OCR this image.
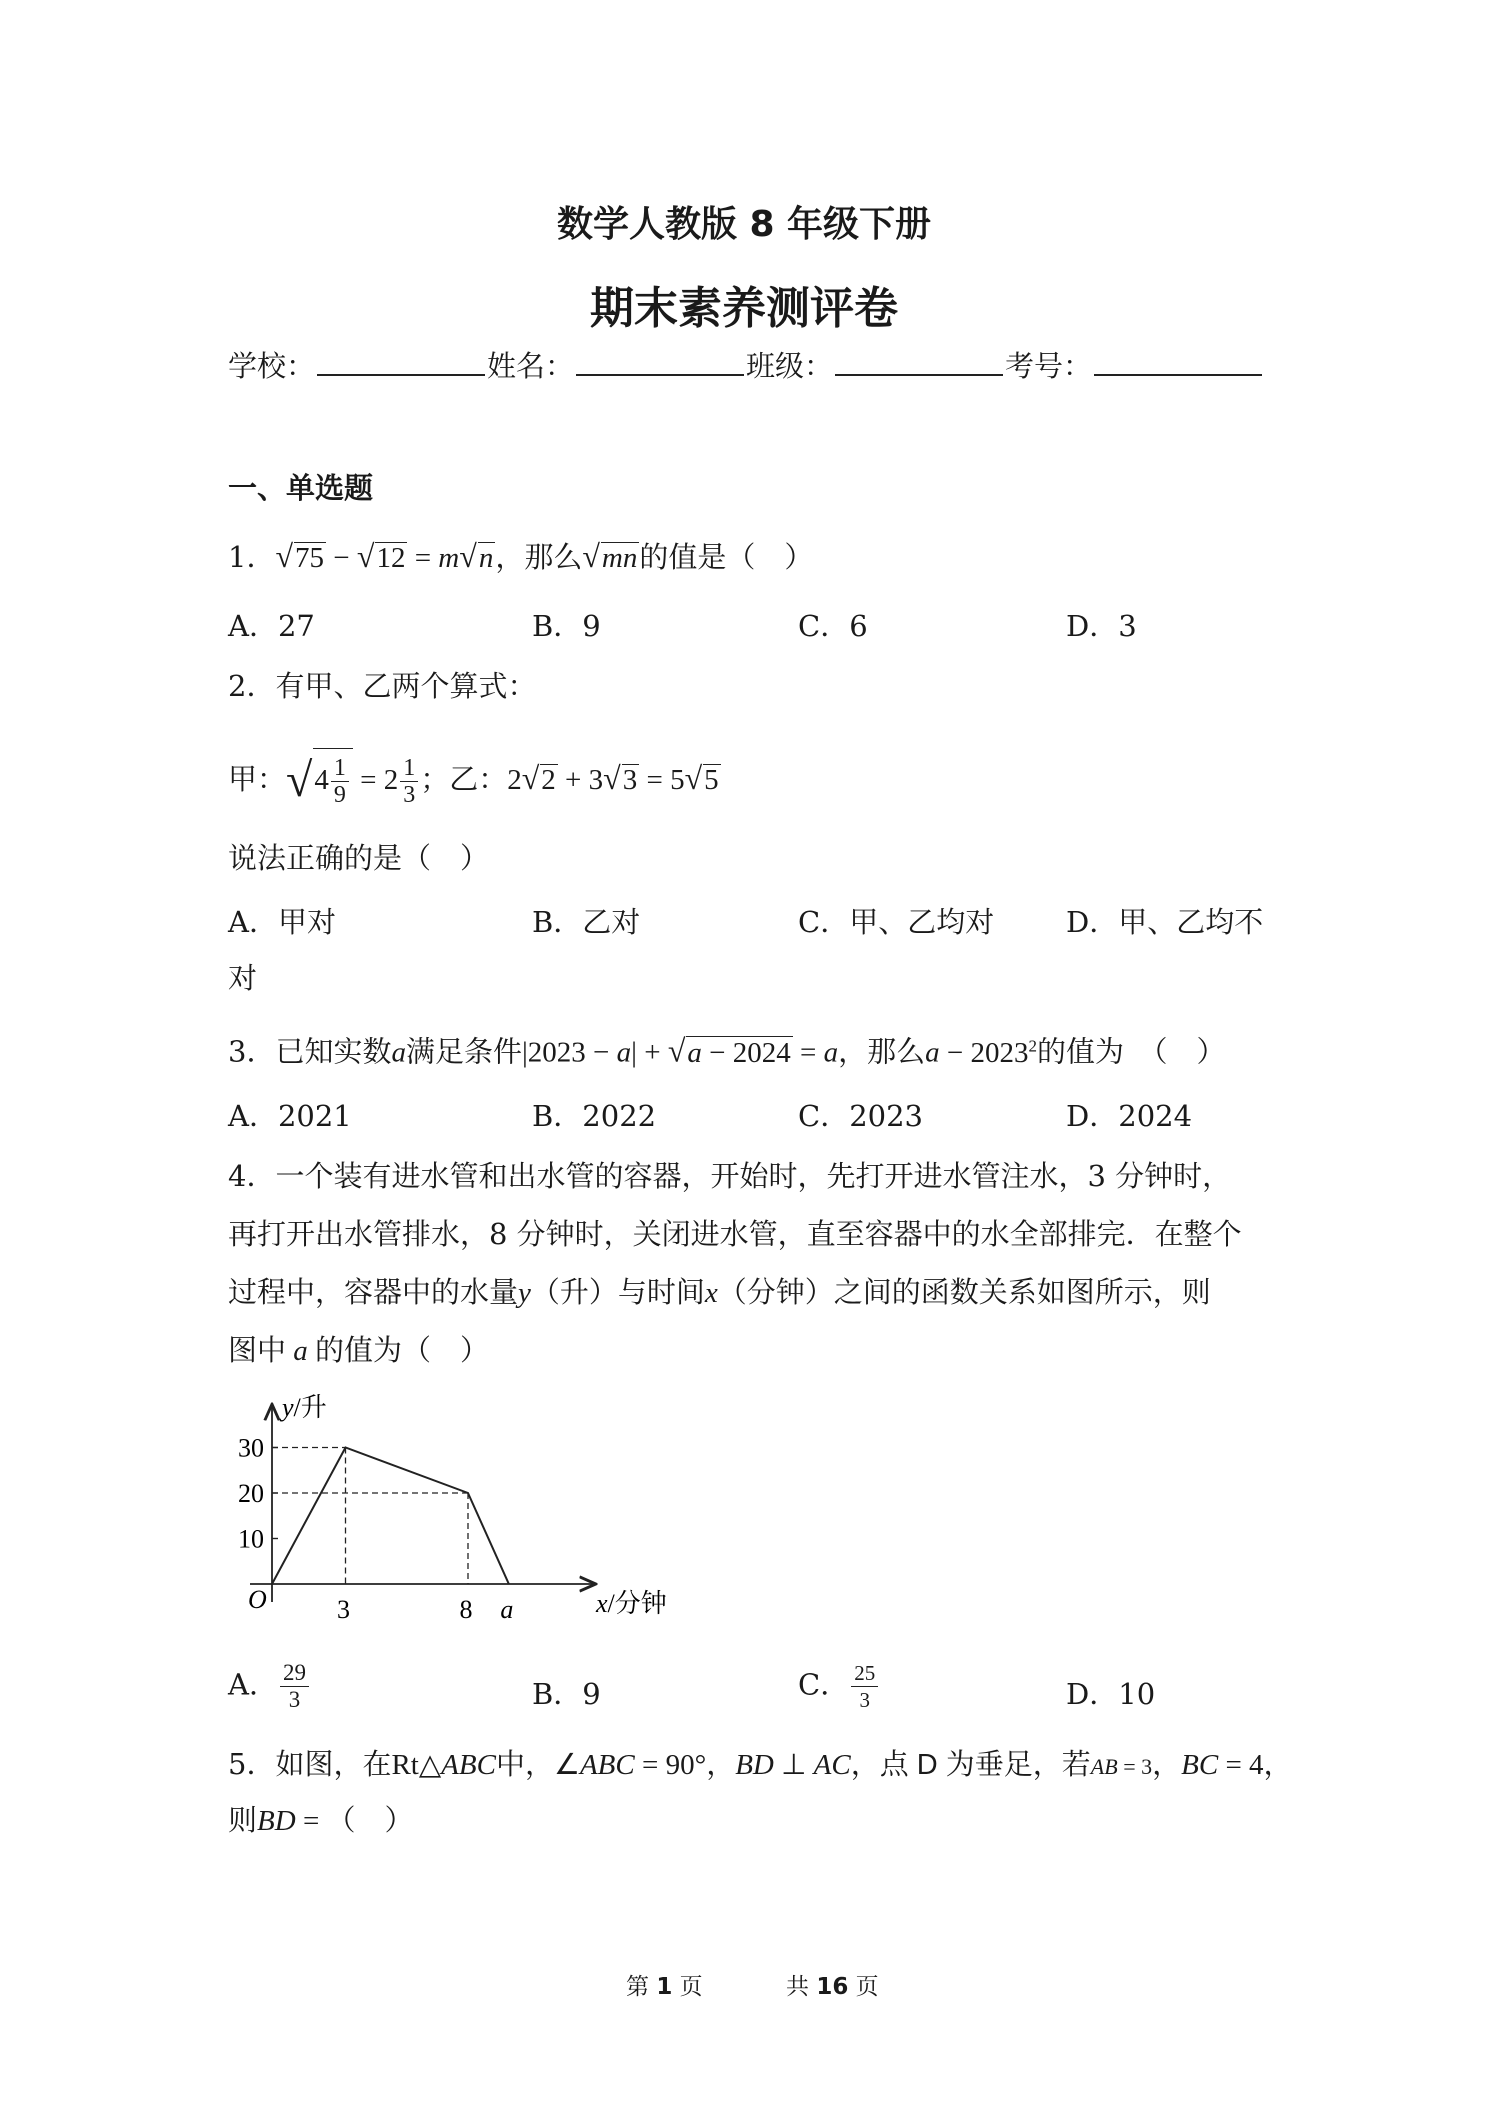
数学人教版 8 年级下册
期末素养测评卷
学校：	姓名：	班级：	考号：
一、单选题
1．√75 − √12 = m√n，那么√mn的值是（　）
A．27	B．9	C．6	D．3
2．有甲、乙两个算式：
甲：$√4 \frac{1}{9} = 2 \frac{1}{3}$ ；乙：2√2 + 3√3 = 5√5
说法正确的是（　）
A．甲对	B．乙对	C．甲、乙均对 D．甲、乙均不
对
3．已知实数a满足条件|2023 − a| + √a − 2024 = a，那么$a - 2023^2$的值为　（　）
A．2021	B．2022	C．2023	D．2024
4．一个装有进水管和出水管的容器，开始时，先打开进水管注水，3 分钟时，
再打开出水管排水，8 分钟时，关闭进水管，直至容器中的水全部排完．在整个
过程中，容器中的水量y（升）与时间x（分钟）之间的函数关系如图所示，则
图中 a 的值为（　）
10
20
30
3	8 a
O
y/升
x/分钟
A． $\frac{29}{3}$	B．9	C． $\frac{25}{3}$	D．10
5．如图，在Rt△ABC中，∠ABC = 90°，BD ⊥ AC，点 D 为垂足，若AB = 3，BC = 4，
则BD = （　）
第 1 页	共 16 页
